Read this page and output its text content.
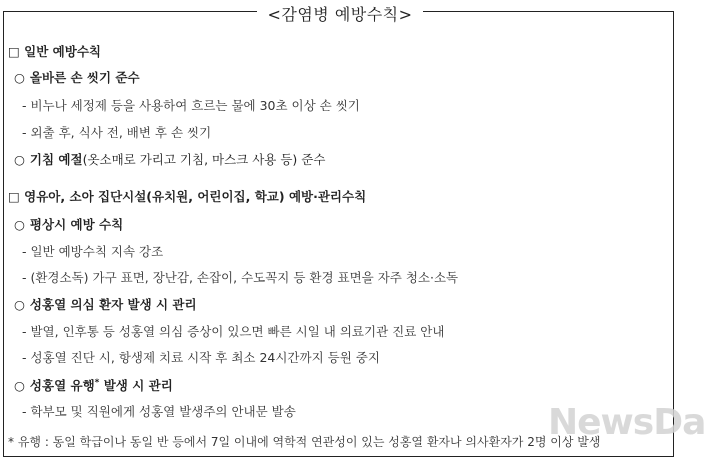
<감염병 예방수칙>
□ 일반 예방수칙
○ 올바른 손 씻기 준수
- 비누나 세정제 등을 사용하여 흐르는 물에 30초 이상 손 씻기
- 외출 후, 식사 전, 배변 후 손 씻기
○ 기침 예절(옷소매로 가리고 기침, 마스크 사용 등) 준수
□ 영유아, 소아 집단시설(유치원, 어린이집, 학교) 예방·관리수칙
○ 평상시 예방 수칙
- 일반 예방수칙 지속 강조
- (환경소독) 가구 표면, 장난감, 손잡이, 수도꼭지 등 환경 표면을 자주 청소·소독
○ 성홍열 의심 환자 발생 시 관리
- 발열, 인후통 등 성홍열 의심 증상이 있으면 빠른 시일 내 의료기관 진료 안내
- 성홍열 진단 시, 항생제 치료 시작 후 최소 24시간까지 등원 중지
○ 성홍열 유행* 발생 시 관리
- 학부모 및 직원에게 성홍열 발생주의 안내문 발송
* 유행 : 동일 학급이나 동일 반 등에서 7일 이내에 역학적 연관성이 있는 성홍열 환자나 의사환자가 2명 이상 발생
NewsDa
